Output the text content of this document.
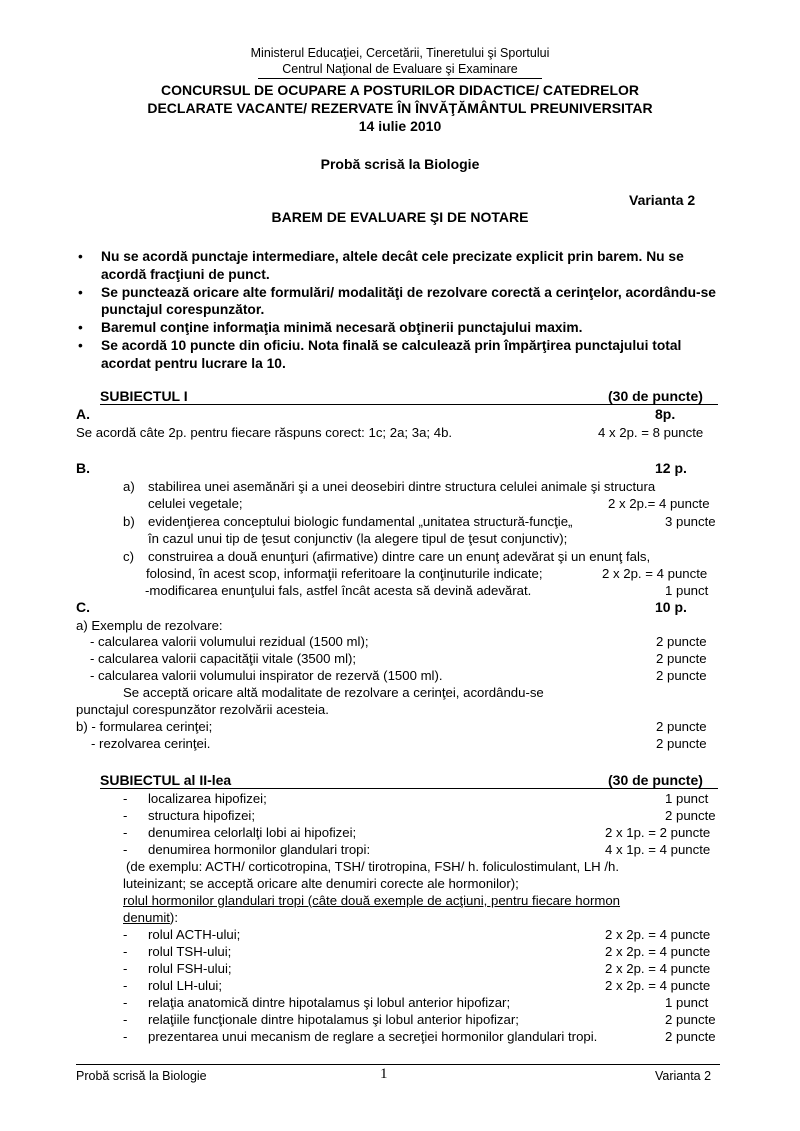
Ministerul Educaţiei, Cercetării, Tineretului şi Sportului
Centrul Naţional de Evaluare şi Examinare
CONCURSUL DE OCUPARE A POSTURILOR DIDACTICE/ CATEDRELOR
DECLARATE VACANTE/ REZERVATE ÎN ÎNVĂŢĂMÂNTUL PREUNIVERSITAR
14 iulie 2010
Probă scrisă la Biologie
Varianta 2
BAREM DE EVALUARE ŞI DE NOTARE
• Nu se acordă punctaje intermediare, altele decât cele precizate explicit prin barem. Nu se acordă fracţiuni de punct.
• Se punctează oricare alte formulări/ modalităţi de rezolvare corectă a cerinţelor, acordându-se punctajul corespunzător.
• Baremul conţine informaţia minimă necesară obţinerii punctajului maxim.
• Se acordă 10 puncte din oficiu. Nota finală se calculează prin împărţirea punctajului total acordat pentru lucrare la 10.
SUBIECTUL I	(30 de puncte)
A.	8p.
Se acordă câte 2p. pentru fiecare răspuns corect: 1c; 2a; 3a; 4b.	4 x 2p. = 8 puncte
B.	12 p.
a) stabilirea unei asemănări şi a unei deosebiri dintre structura celulei animale şi structura
celulei vegetale;	2 x 2p.= 4 puncte
b) evidenţierea conceptului biologic fundamental „unitatea structură-funcţie„	3 puncte
în cazul unui tip de ţesut conjunctiv (la alegere tipul de ţesut conjunctiv);
c) construirea a două enunţuri (afirmative) dintre care un enunţ adevărat şi un enunţ fals,
folosind, în acest scop, informaţii referitoare la conţinuturile indicate;	2 x 2p. = 4 puncte
-modificarea enunţului fals, astfel încât acesta să devină adevărat.	1 punct
C.	10 p.
a) Exemplu de rezolvare:
- calcularea valorii volumului rezidual (1500 ml);	2 puncte
- calcularea valorii capacităţii vitale (3500 ml);	2 puncte
- calcularea valorii volumului inspirator de rezervă (1500 ml).	2 puncte
Se acceptă oricare altă modalitate de rezolvare a cerinţei, acordându-se
punctajul corespunzător rezolvării acesteia.
b) - formularea cerinţei;	2 puncte
- rezolvarea cerinţei.	2 puncte
SUBIECTUL al II-lea	(30 de puncte)
- localizarea hipofizei;	1 punct
- structura hipofizei;	2 puncte
- denumirea celorlalţi lobi ai hipofizei;	2 x 1p. = 2 puncte
- denumirea hormonilor glandulari tropi:	4 x 1p. = 4 puncte
(de exemplu: ACTH/ corticotropina, TSH/ tirotropina, FSH/ h. foliculostimulant, LH /h.
luteinizant; se acceptă oricare alte denumiri corecte ale hormonilor);
rolul hormonilor glandulari tropi (câte două exemple de acţiuni, pentru fiecare hormon
denumit):
- rolul ACTH-ului;	2 x 2p. = 4 puncte
- rolul TSH-ului;	2 x 2p. = 4 puncte
- rolul FSH-ului;	2 x 2p. = 4 puncte
- rolul LH-ului;	2 x 2p. = 4 puncte
- relaţia anatomică dintre hipotalamus şi lobul anterior hipofizar;	1 punct
- relaţiile funcţionale dintre hipotalamus şi lobul anterior hipofizar;	2 puncte
- prezentarea unui mecanism de reglare a secreţiei hormonilor glandulari tropi.	2 puncte
Probă scrisă la Biologie	1	Varianta 2
